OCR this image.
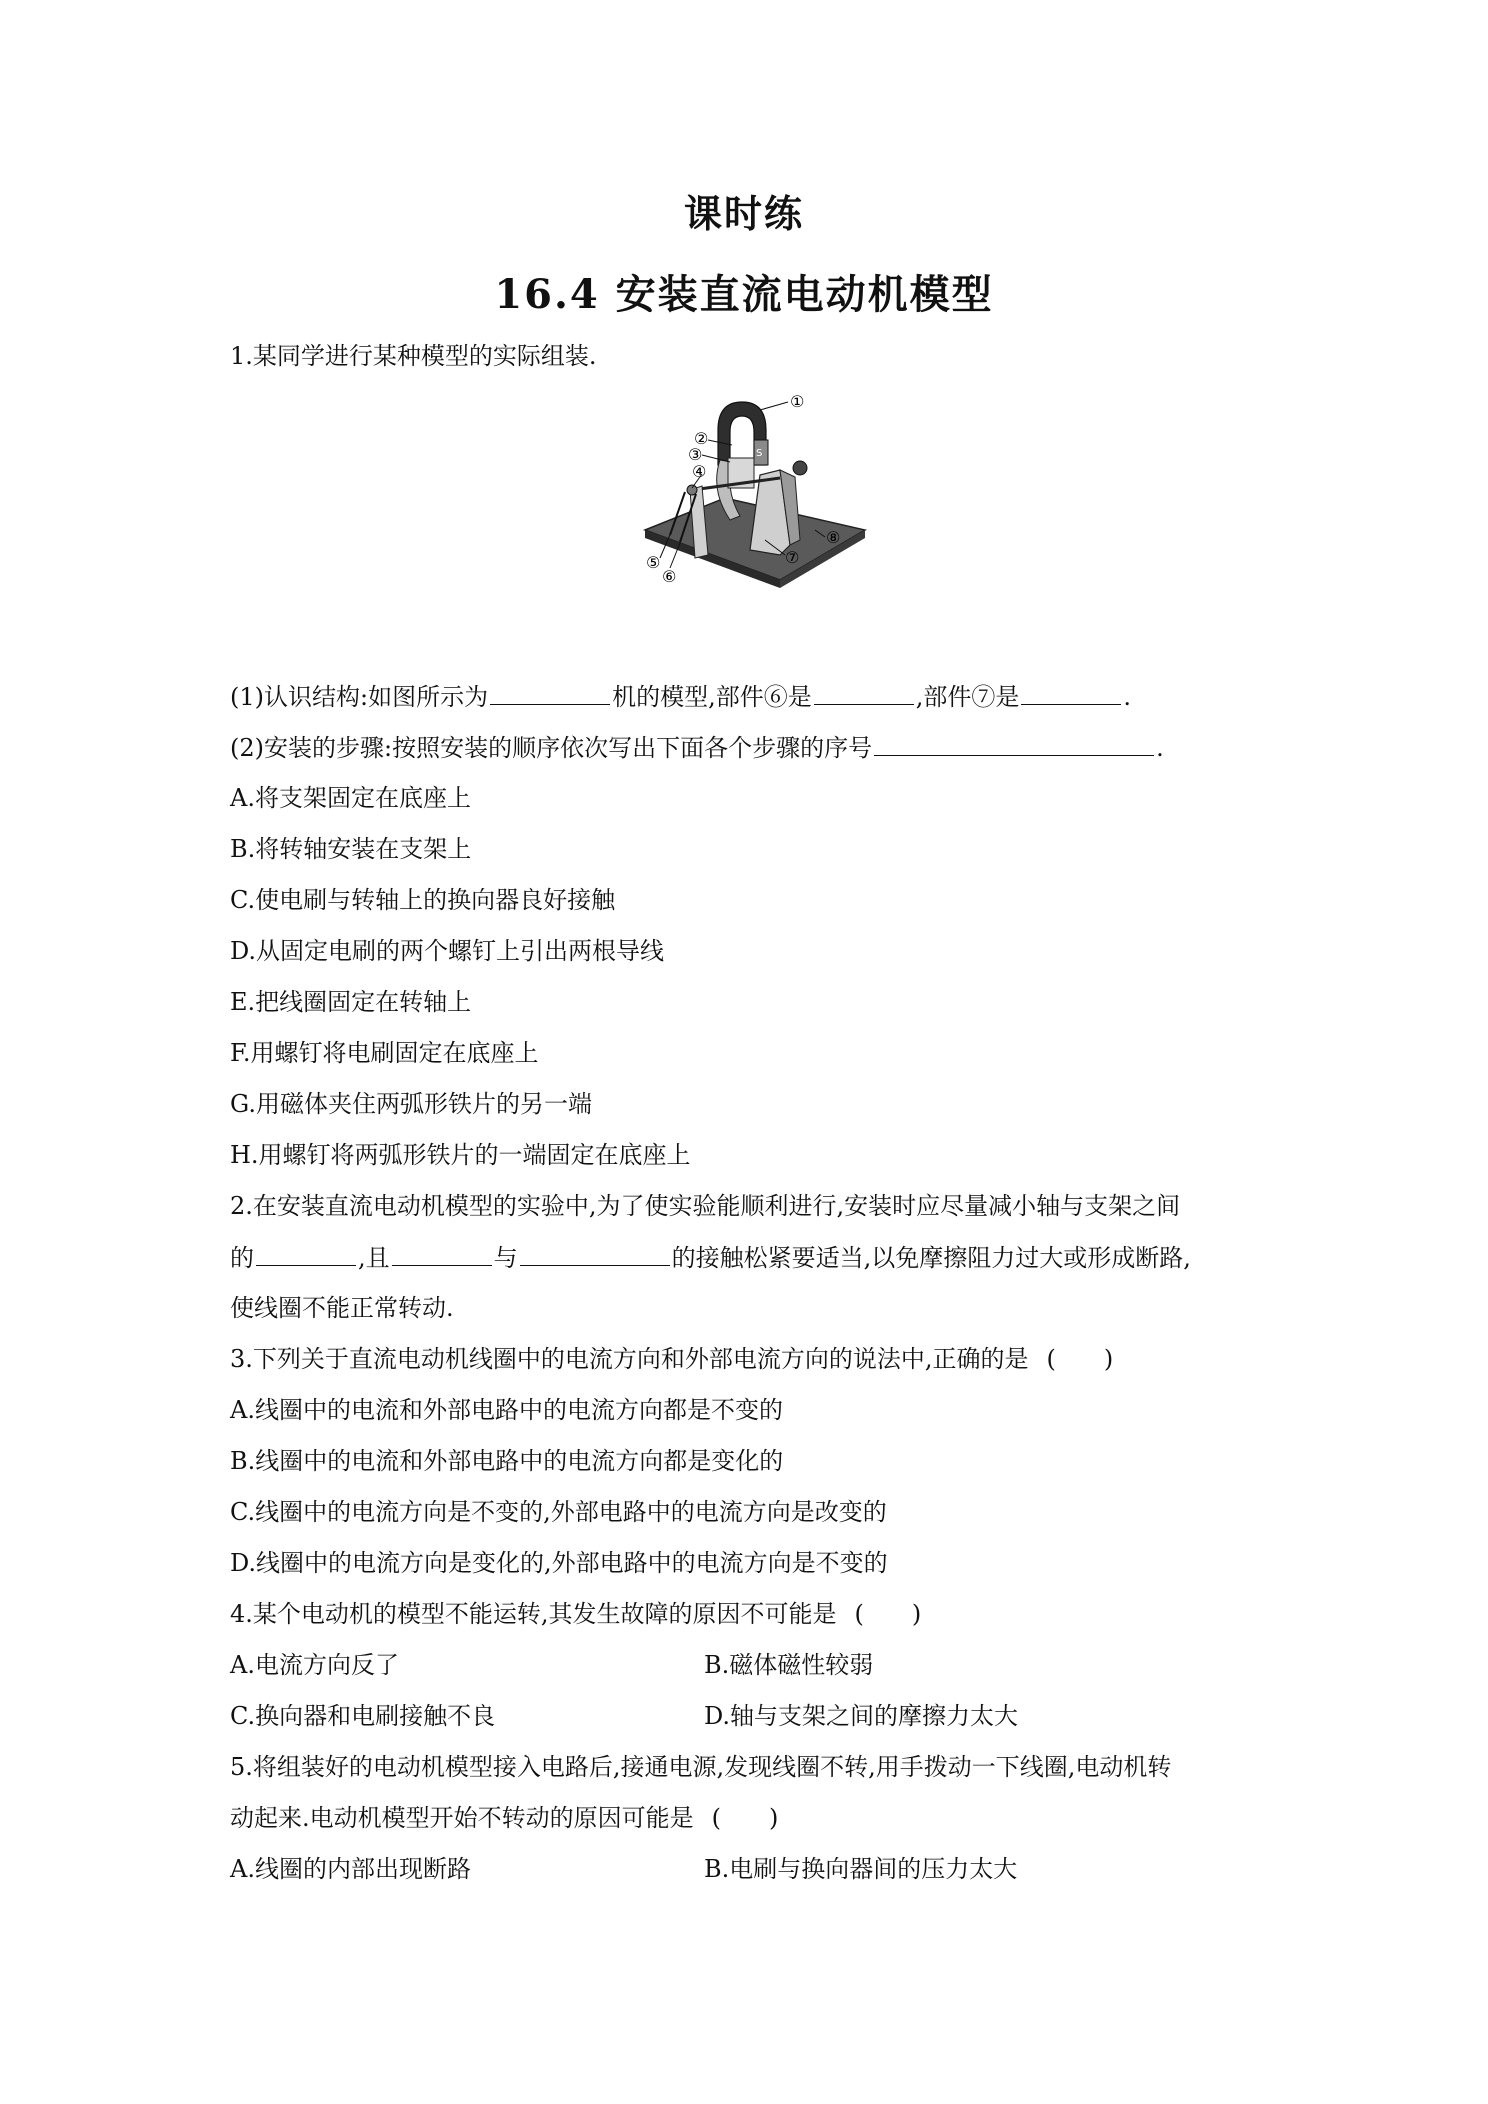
课时练
16.4 安装直流电动机模型
1.某同学进行某种模型的实际组装.
S
①
②
③
④
⑤
⑥
⑦
⑧
(1)认识结构:如图所示为	机的模型,部件⑥是	,部件⑦是	.
(2)安装的步骤:按照安装的顺序依次写出下面各个步骤的序号	.
A.将支架固定在底座上
B.将转轴安装在支架上
C.使电刷与转轴上的换向器良好接触
D.从固定电刷的两个螺钉上引出两根导线
E.把线圈固定在转轴上
F.用螺钉将电刷固定在底座上
G.用磁体夹住两弧形铁片的另一端
H.用螺钉将两弧形铁片的一端固定在底座上
2.在安装直流电动机模型的实验中,为了使实验能顺利进行,安装时应尽量减小轴与支架之间
的	,且	与	的接触松紧要适当,以免摩擦阻力过大或形成断路,
使线圈不能正常转动.
3.下列关于直流电动机线圈中的电流方向和外部电流方向的说法中,正确的是 (　　)
A.线圈中的电流和外部电路中的电流方向都是不变的
B.线圈中的电流和外部电路中的电流方向都是变化的
C.线圈中的电流方向是不变的,外部电路中的电流方向是改变的
D.线圈中的电流方向是变化的,外部电路中的电流方向是不变的
4.某个电动机的模型不能运转,其发生故障的原因不可能是 (　　)
A.电流方向反了	B.磁体磁性较弱
C.换向器和电刷接触不良	D.轴与支架之间的摩擦力太大
5.将组装好的电动机模型接入电路后,接通电源,发现线圈不转,用手拨动一下线圈,电动机转
动起来.电动机模型开始不转动的原因可能是 (　　)
A.线圈的内部出现断路	B.电刷与换向器间的压力太大
